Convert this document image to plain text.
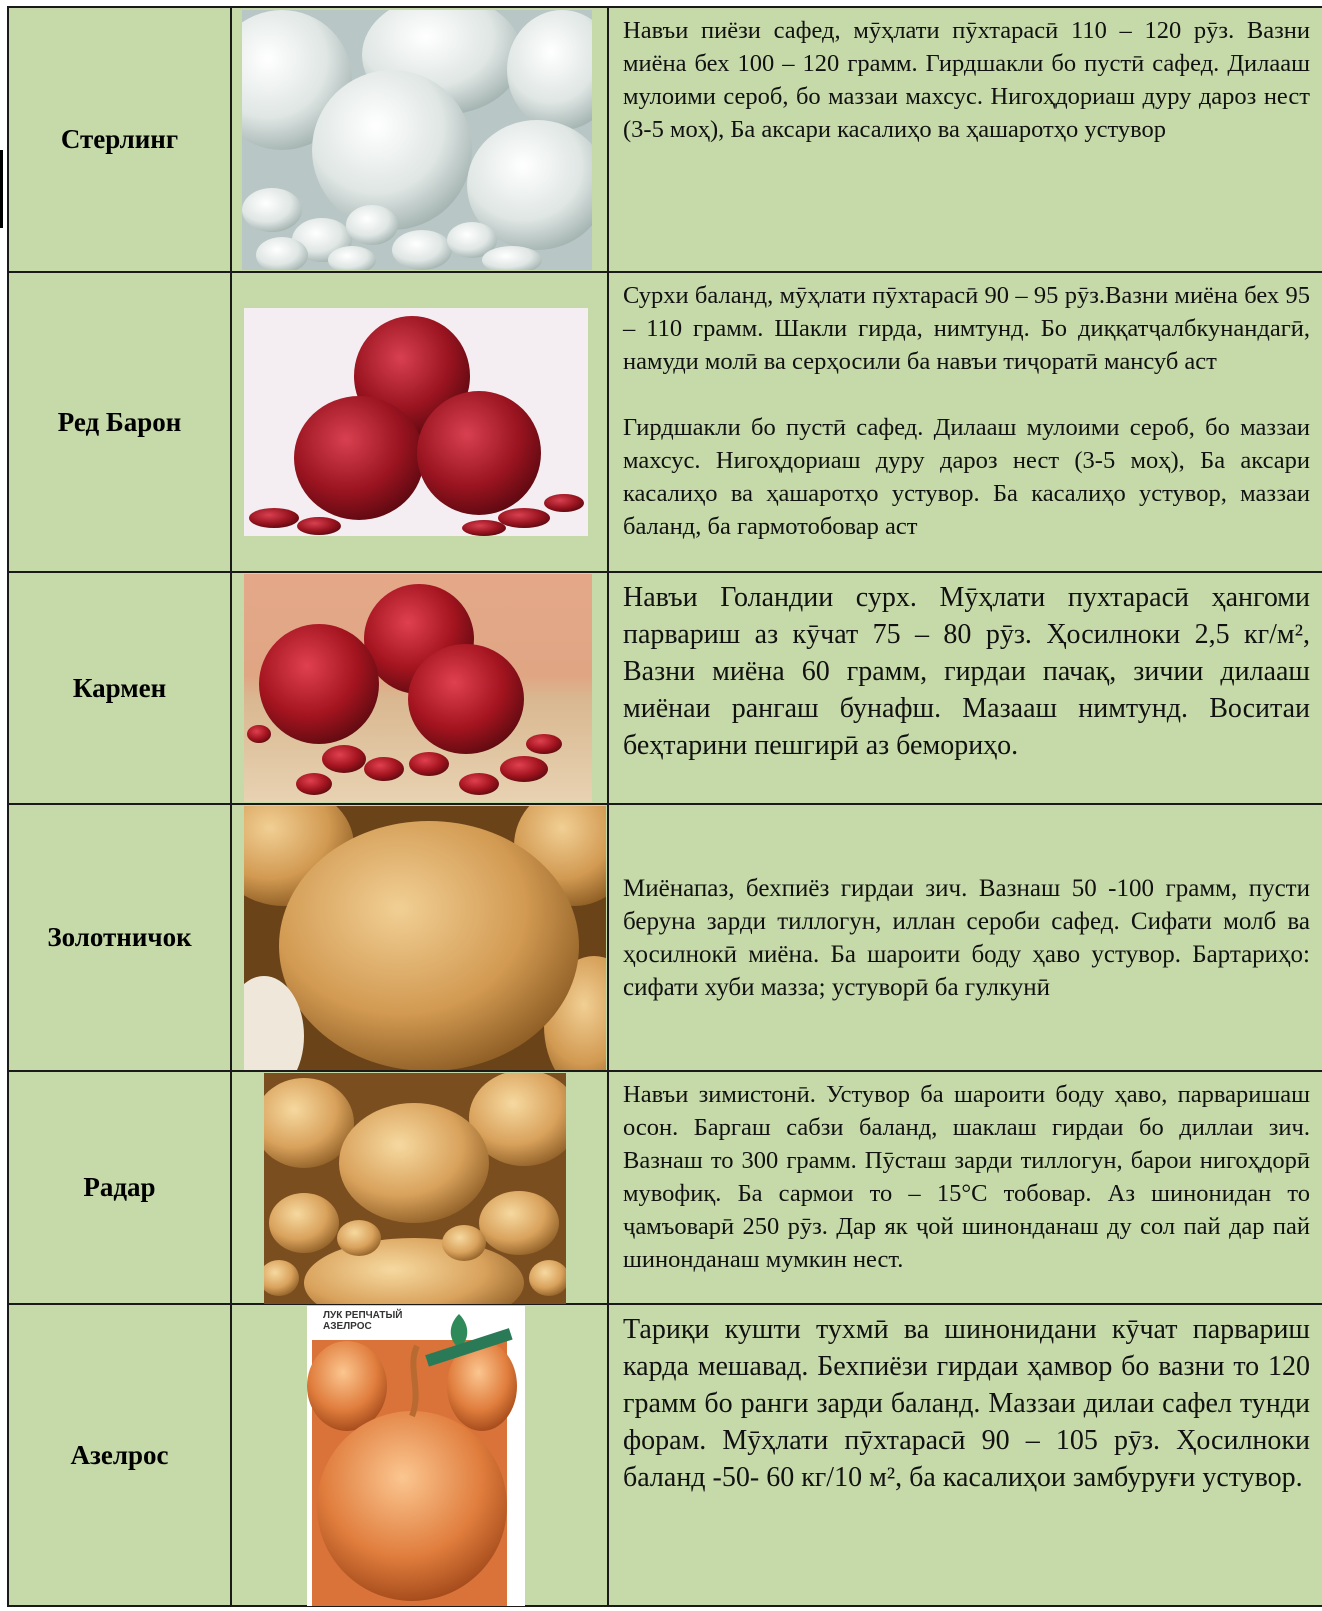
Стерлинг		Навъи пиёзи сафед, мӯҳлати пӯхтарасӣ 110 – 120 рӯз. Вазни миёна бех 100 – 120 грамм. Гирдшакли бо пустӣ сафед. Дилааш мулоими сероб, бо маззаи махсус. Нигоҳдориаш дуру дароз нест (3-5 моҳ), Ба аксари касалиҳо ва ҳашаротҳо устувор

Ред Барон		Сурхи баланд, мӯҳлати пӯхтарасӣ 90 – 95 рӯз.Вазни миёна бех 95 – 110 грамм. Шакли гирда, нимтунд. Бо диққатҷалбкунандагӣ, намуди молӣ ва серҳосили ба навъи тиҷоратӣ мансуб аст
Гирдшакли бо пустӣ сафед. Дилааш мулоими сероб, бо маззаи махсус. Нигоҳдориаш дуру дароз нест (3-5 моҳ), Ба аксари касалиҳо ва ҳашаротҳо устувор. Ба касалиҳо устувор, маззаи баланд, ба гармотобовар аст

Кармен		Навъи Голандии сурх. Мӯҳлати пухтарасӣ ҳангоми парвариш аз кӯчат 75 – 80 рӯз. Ҳосилноки 2,5 кг/м², Вазни миёна 60 грамм, гирдаи пачақ, зичии дилааш миёнаи рангаш бунафш. Мазааш нимтунд. Воситаи беҳтарини пешгирӣ аз бемориҳо.

Золотничок		Миёнапаз, бехпиёз гирдаи зич. Вазнаш 50 -100 грамм, пусти беруна зарди тиллогун, иллан сероби сафед. Сифати молб ва ҳосилнокӣ миёна. Ба шароити боду ҳаво устувор. Бартариҳо: сифати хуби мазза; устуворӣ ба гулкунӣ

Радар		Навъи зимистонӣ. Устувор ба шароити боду ҳаво, парваришаш осон. Баргаш сабзи баланд, шаклаш гирдаи бо диллаи зич. Вазнаш то 300 грамм. Пӯсташ зарди тиллогун, барои нигоҳдорӣ мувофиқ. Ба сармои то – 15°С тобовар. Аз шинонидан то ҷамъоварӣ 250 рӯз. Дар як ҷой шинонданаш ду сол пай дар пай шинонданаш мумкин нест.

Азелрос	ЛУК РЕПЧАТЫЙ АЗЕЛРОС	Тариқи кушти тухмӣ ва шинонидани кӯчат парвариш карда мешавад. Бехпиёзи гирдаи ҳамвор бо вазни то 120 грамм бо ранги зарди баланд. Маззаи дилаи сафел тунди форам. Мӯҳлати пӯхтарасӣ 90 – 105 рӯз. Ҳосилноки баланд -50- 60 кг/10 м², ба касалиҳои замбуруғи устувор.
